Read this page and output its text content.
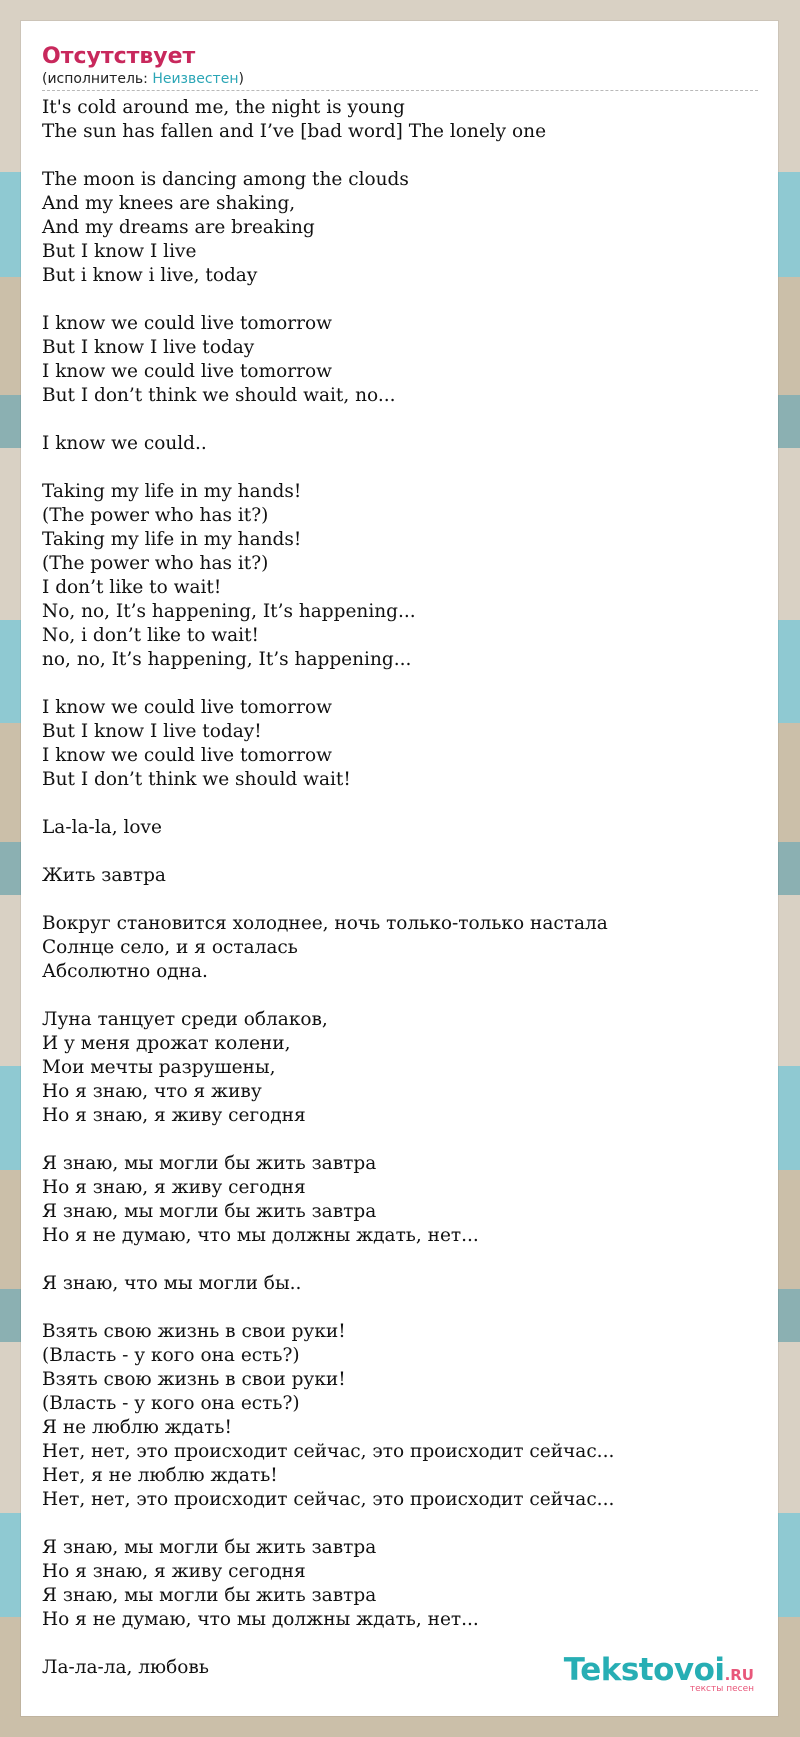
Отсутствует
(исполнитель: Неизвестен)
It's cold around me, the night is young
The sun has fallen and I’ve [bad word] The lonely one
The moon is dancing among the clouds
And my knees are shaking,
And my dreams are breaking
But I know I live
But i know i live, today
I know we could live tomorrow
But I know I live today
I know we could live tomorrow
But I don’t think we should wait, no...
I know we could..
Taking my life in my hands!
(The power who has it?)
Taking my life in my hands!
(The power who has it?)
I don’t like to wait!
No, no, It’s happening, It’s happening...
No, i don’t like to wait!
no, no, It’s happening, It’s happening...
I know we could live tomorrow
But I know I live today!
I know we could live tomorrow
But I don’t think we should wait!
La-la-la, love
Жить завтра
Вокруг становится холоднее, ночь только-только настала
Солнце село, и я осталась
Абсолютно одна.
Луна танцует среди облаков,
И у меня дрожат колени,
Мои мечты разрушены,
Но я знаю, что я живу
Но я знаю, я живу сегодня
Я знаю, мы могли бы жить завтра
Но я знаю, я живу сегодня
Я знаю, мы могли бы жить завтра
Но я не думаю, что мы должны ждать, нет...
Я знаю, что мы могли бы..
Взять свою жизнь в свои руки!
(Власть - у кого она есть?)
Взять свою жизнь в свои руки!
(Власть - у кого она есть?)
Я не люблю ждать!
Нет, нет, это происходит сейчас, это происходит сейчас...
Нет, я не люблю ждать!
Нет, нет, это происходит сейчас, это происходит сейчас...
Я знаю, мы могли бы жить завтра
Но я знаю, я живу сегодня
Я знаю, мы могли бы жить завтра
Но я не думаю, что мы должны ждать, нет...
Ла-ла-ла, любовь	Tekstovoi.RU
тексты песен
